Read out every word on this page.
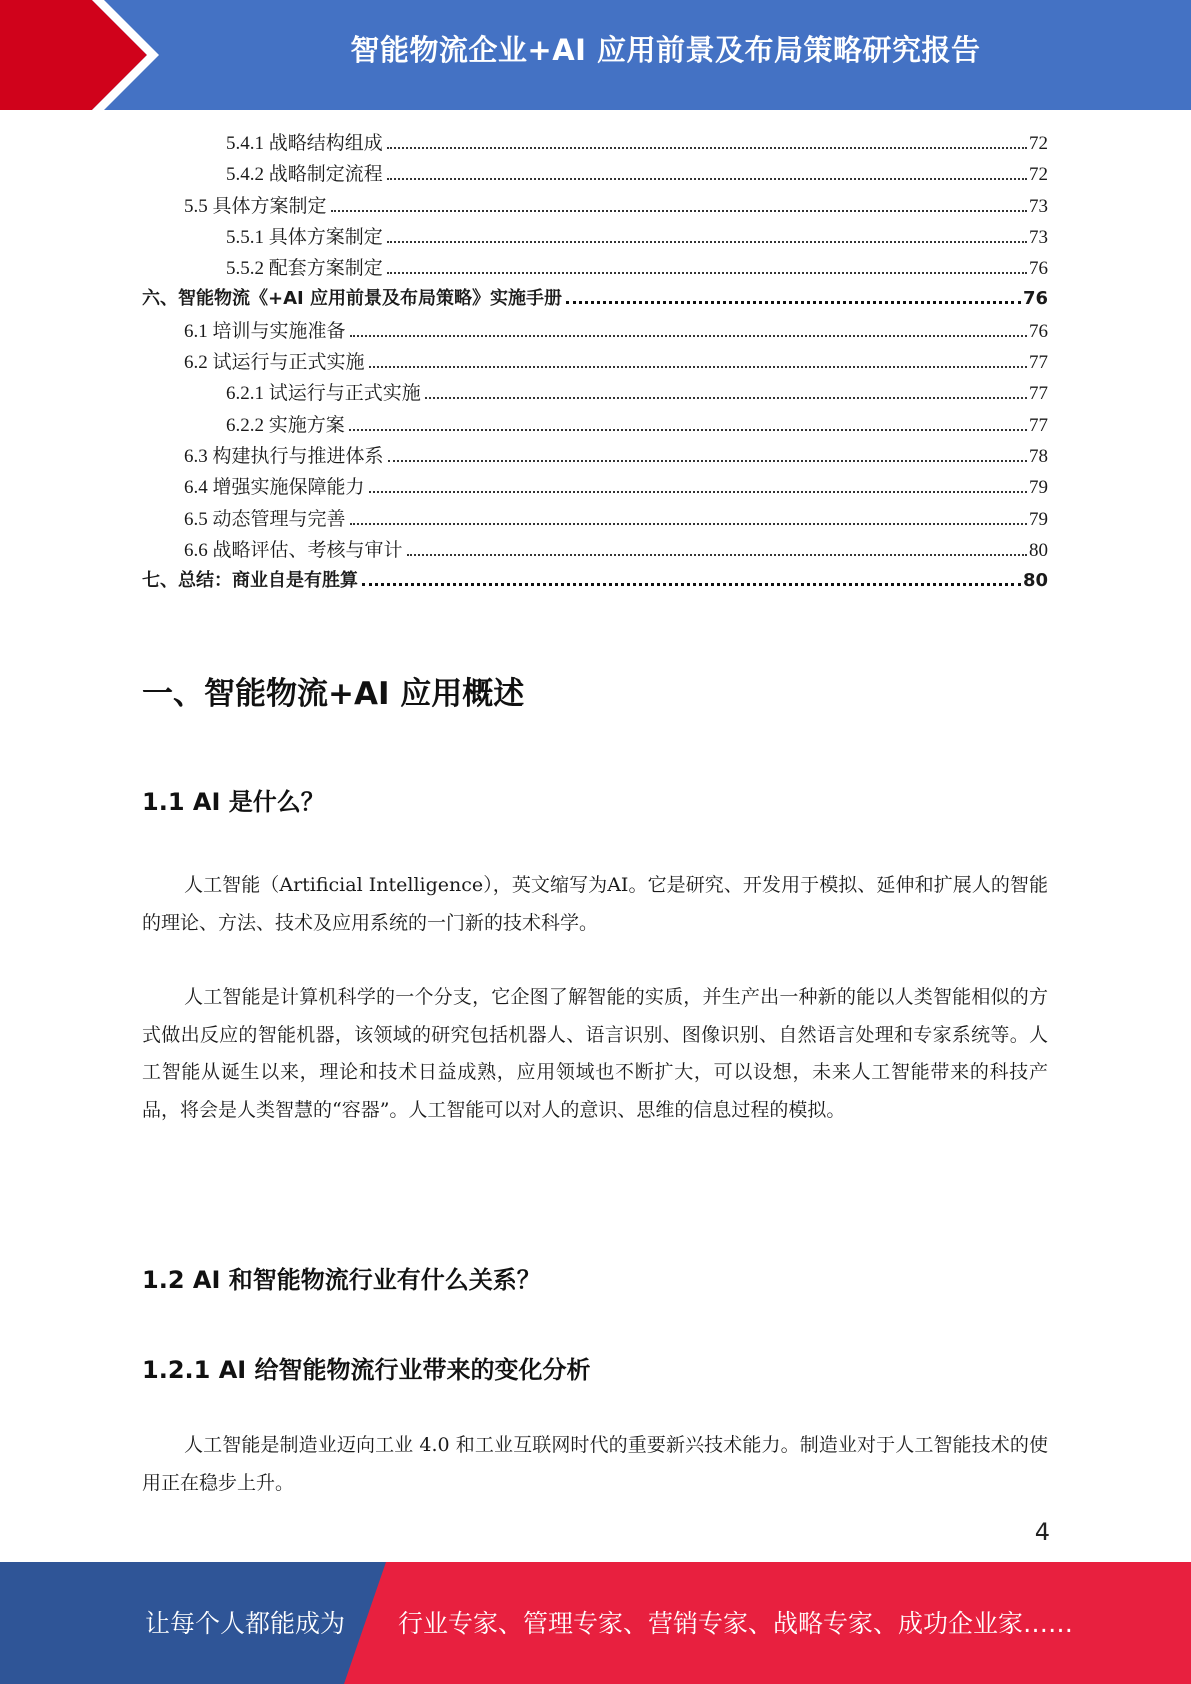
智能物流企业+AI 应用前景及布局策略研究报告
5.4.1 战略结构组成	72
5.4.2 战略制定流程	72
5.5 具体方案制定	73
5.5.1 具体方案制定	73
5.5.2 配套方案制定	76
六、智能物流《+AI 应用前景及布局策略》实施手册	76
6.1 培训与实施准备	76
6.2 试运行与正式实施	77
6.2.1 试运行与正式实施	77
6.2.2 实施方案	77
6.3 构建执行与推进体系	78
6.4 增强实施保障能力	79
6.5 动态管理与完善	79
6.6 战略评估、考核与审计	80
七、总结：商业自是有胜算	80
一、智能物流+AI 应用概述
1.1 AI 是什么？

人工智能（Artificial Intelligence），英文缩写为AI。它是研究、开发用于模拟、延伸和扩展人的智能的理论、方法、技术及应用系统的一门新的技术科学。

人工智能是计算机科学的一个分支，它企图了解智能的实质，并生产出一种新的能以人类智能相似的方式做出反应的智能机器，该领域的研究包括机器人、语言识别、图像识别、自然语言处理和专家系统等。人工智能从诞生以来，理论和技术日益成熟，应用领域也不断扩大，可以设想，未来人工智能带来的科技产品，将会是人类智慧的“容器”。人工智能可以对人的意识、思维的信息过程的模拟。

1.2 AI 和智能物流行业有什么关系？
1.2.1 AI 给智能物流行业带来的变化分析

人工智能是制造业迈向工业 4.0 和工业互联网时代的重要新兴技术能力。制造业对于人工智能技术的使用正在稳步上升。

4
让每个人都能成为 行业专家、管理专家、营销专家、战略专家、成功企业家……
